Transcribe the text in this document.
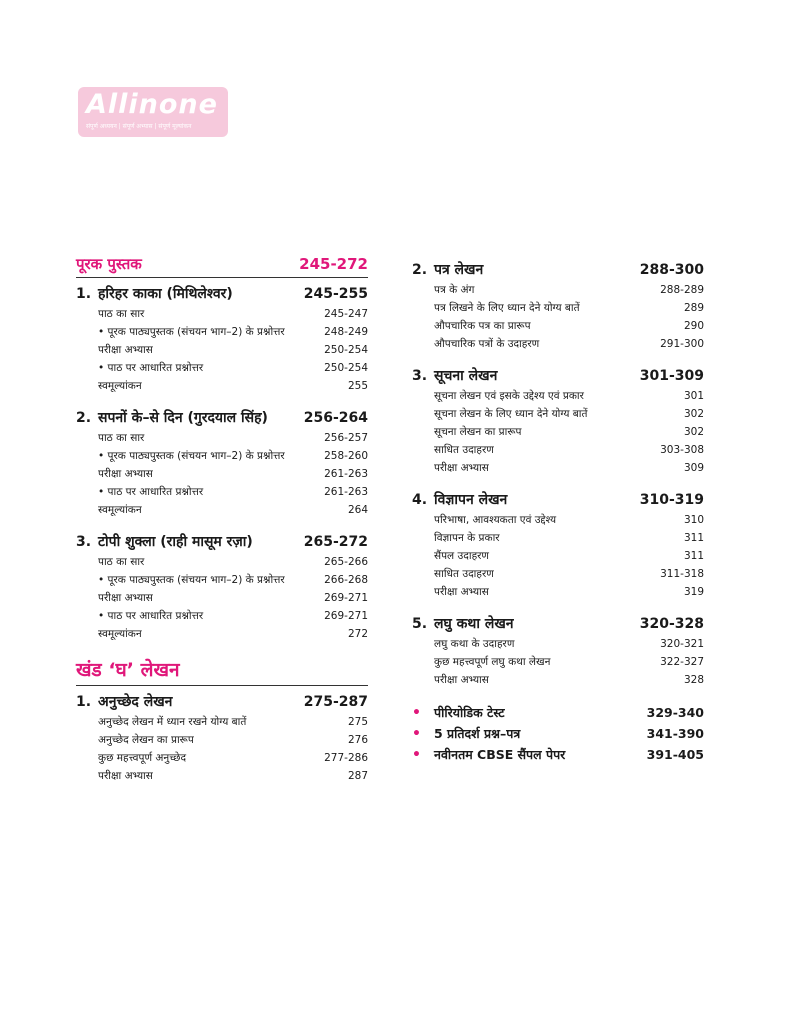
Allinone
संपूर्ण अध्ययन | संपूर्ण अभ्यास | संपूर्ण मूल्यांकन
पूरक पुस्तक	245-272
1. हरिहर काका (मिथिलेश्वर)	245-255
पाठ का सार	245-247
• पूरक पाठ्यपुस्तक (संचयन भाग–2) के प्रश्नोत्तर	248-249
परीक्षा अभ्यास	250-254
• पाठ पर आधारित प्रश्नोत्तर	250-254
स्वमूल्यांकन	255
2. सपनों के–से दिन (गुरदयाल सिंह)	256-264
पाठ का सार	256-257
• पूरक पाठ्यपुस्तक (संचयन भाग–2) के प्रश्नोत्तर	258-260
परीक्षा अभ्यास	261-263
• पाठ पर आधारित प्रश्नोत्तर	261-263
स्वमूल्यांकन	264
3. टोपी शुक्ला (राही मासूम रज़ा)	265-272
पाठ का सार	265-266
• पूरक पाठ्यपुस्तक (संचयन भाग–2) के प्रश्नोत्तर	266-268
परीक्षा अभ्यास	269-271
• पाठ पर आधारित प्रश्नोत्तर	269-271
स्वमूल्यांकन	272
खंड ‘घ’ लेखन
1. अनुच्छेद लेखन	275-287
अनुच्छेद लेखन में ध्यान रखने योग्य बातें	275
अनुच्छेद लेखन का प्रारूप	276
कुछ महत्त्वपूर्ण अनुच्छेद	277-286
परीक्षा अभ्यास	287
2. पत्र लेखन	288-300
पत्र के अंग	288-289
पत्र लिखने के लिए ध्यान देने योग्य बातें	289
औपचारिक पत्र का प्रारूप	290
औपचारिक पत्रों के उदाहरण	291-300
3. सूचना लेखन	301-309
सूचना लेखन एवं इसके उद्देश्य एवं प्रकार	301
सूचना लेखन के लिए ध्यान देने योग्य बातें	302
सूचना लेखन का प्रारूप	302
साधित उदाहरण	303-308
परीक्षा अभ्यास	309
4. विज्ञापन लेखन	310-319
परिभाषा, आवश्यकता एवं उद्देश्य	310
विज्ञापन के प्रकार	311
सैंपल उदाहरण	311
साधित उदाहरण	311-318
परीक्षा अभ्यास	319
5. लघु कथा लेखन	320-328
लघु कथा के उदाहरण	320-321
कुछ महत्त्वपूर्ण लघु कथा लेखन	322-327
परीक्षा अभ्यास	328
• पीरियोडिक टेस्ट	329-340
• 5 प्रतिदर्श प्रश्न–पत्र	341-390
• नवीनतम CBSE सैंपल पेपर	391-405
